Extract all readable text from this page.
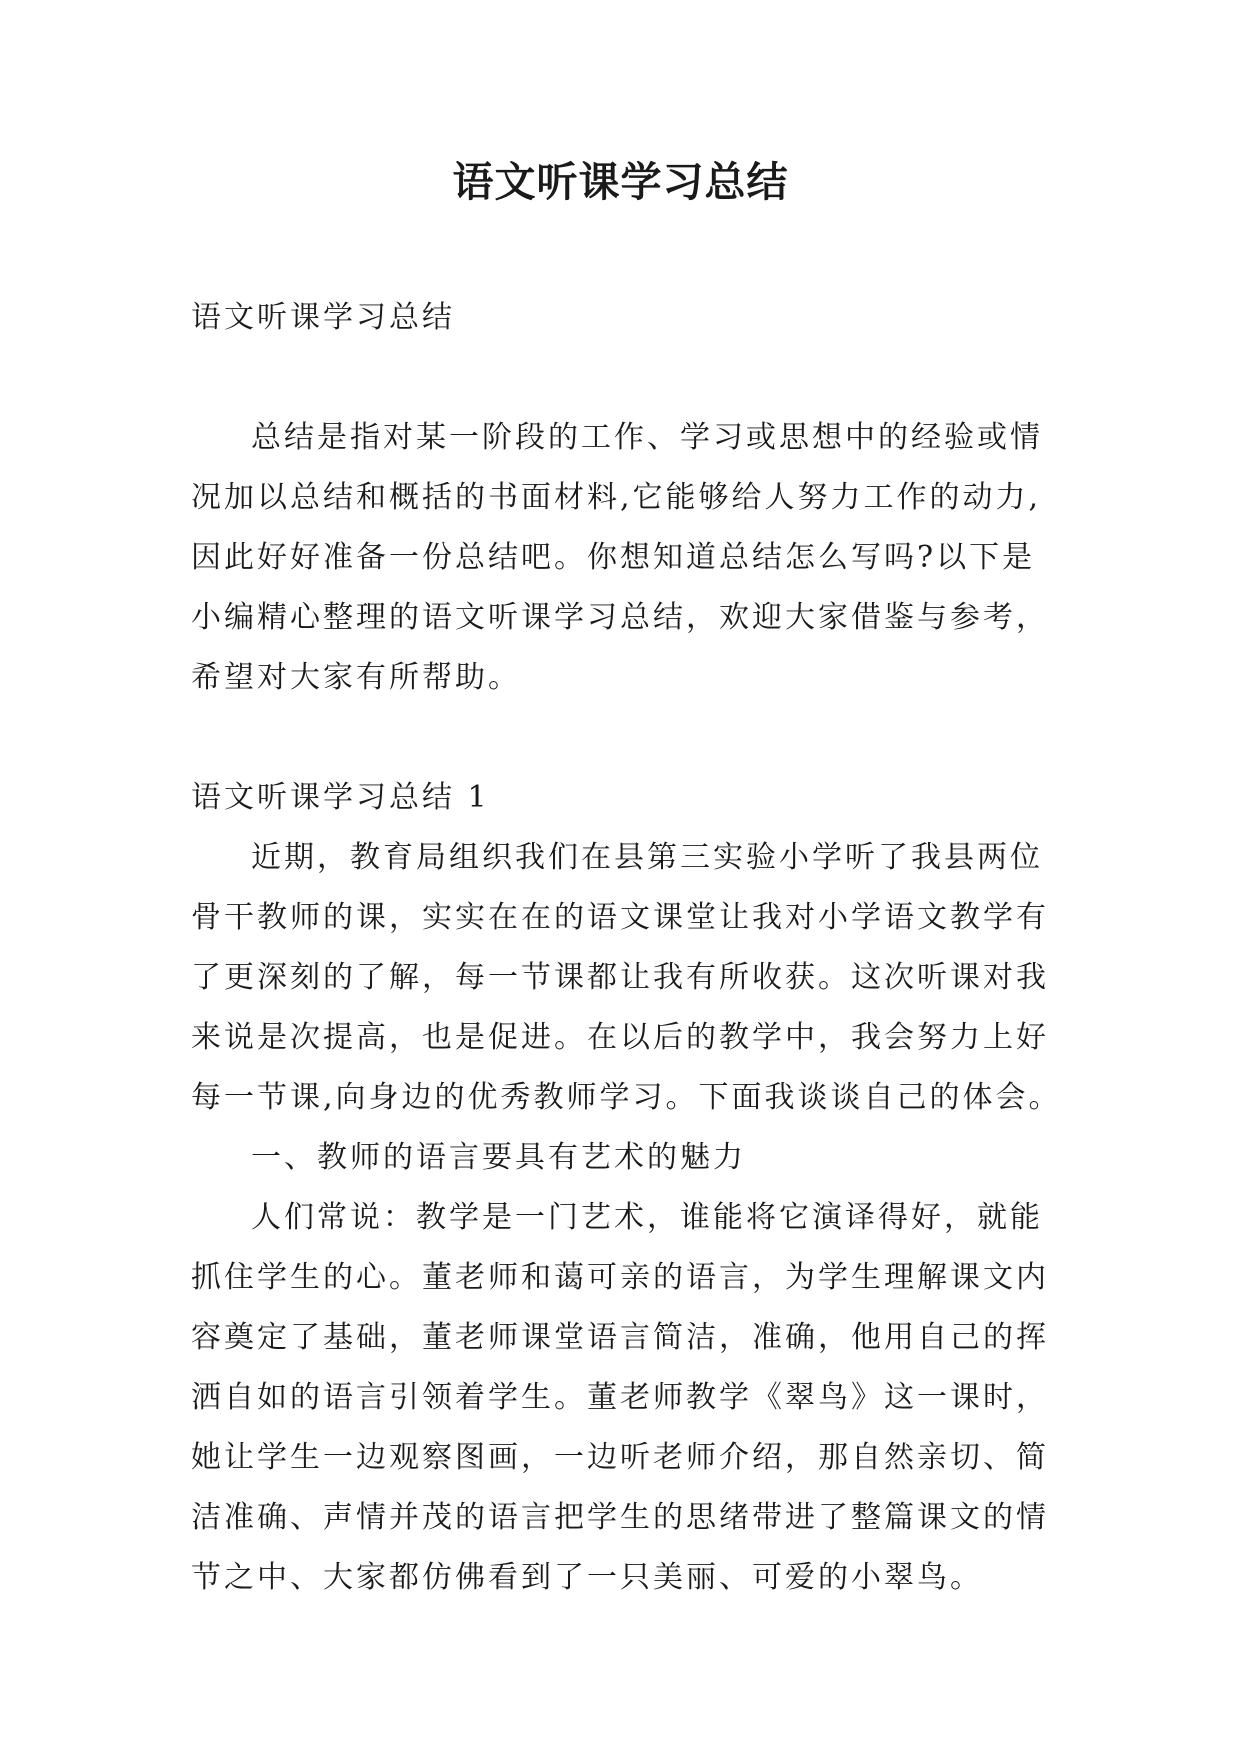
语文听课学习总结
语文听课学习总结
总结是指对某一阶段的工作、学习或思想中的经验或情
况加以总结和概括的书面材料,它能够给人努力工作的动力,
因此好好准备一份总结吧。你想知道总结怎么写吗?以下是
小编精心整理的语文听课学习总结，欢迎大家借鉴与参考，
希望对大家有所帮助。
语文听课学习总结 1
近期，教育局组织我们在县第三实验小学听了我县两位
骨干教师的课，实实在在的语文课堂让我对小学语文教学有
了更深刻的了解，每一节课都让我有所收获。这次听课对我
来说是次提高，也是促进。在以后的教学中，我会努力上好
每一节课,向身边的优秀教师学习。下面我谈谈自己的体会。
一、教师的语言要具有艺术的魅力
人们常说：教学是一门艺术，谁能将它演译得好，就能
抓住学生的心。董老师和蔼可亲的语言，为学生理解课文内
容奠定了基础，董老师课堂语言简洁，准确，他用自己的挥
洒自如的语言引领着学生。董老师教学《翠鸟》这一课时，
她让学生一边观察图画，一边听老师介绍，那自然亲切、简
洁准确、声情并茂的语言把学生的思绪带进了整篇课文的情
节之中、大家都仿佛看到了一只美丽、可爱的小翠鸟。
